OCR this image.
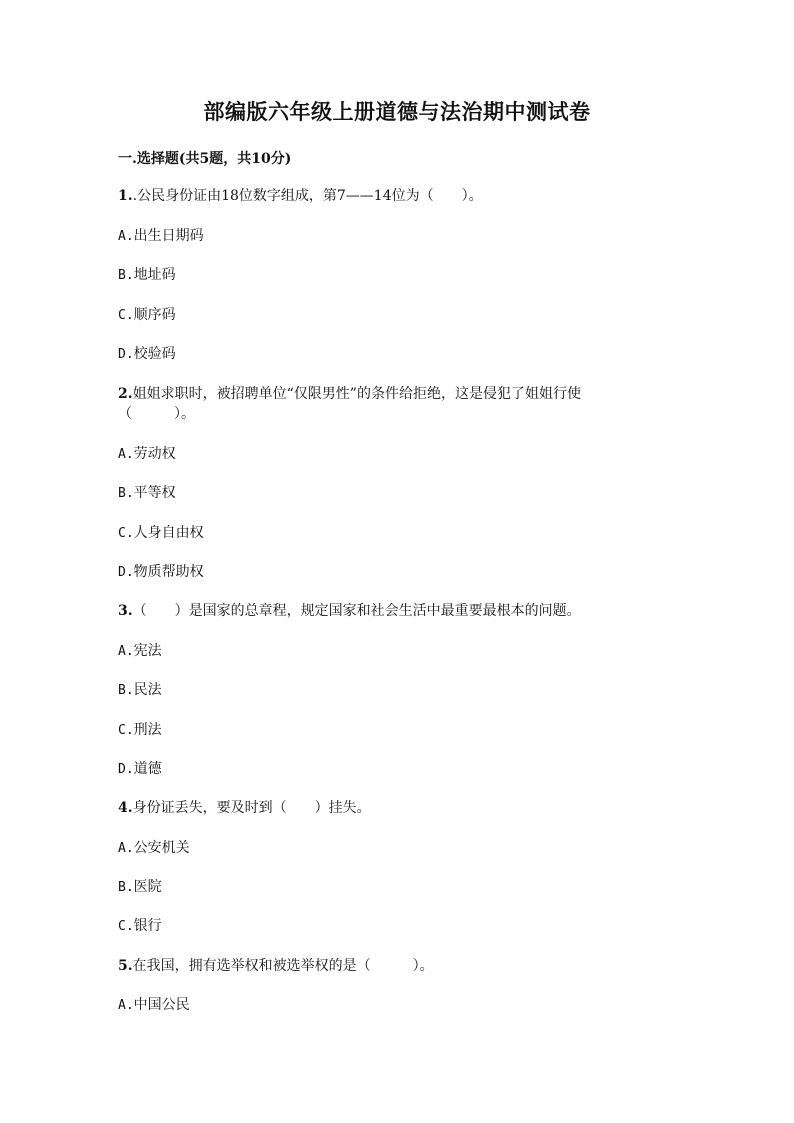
部编版六年级上册道德与法治期中测试卷
一.选择题(共5题，共10分)
1..公民身份证由18位数字组成，第7——14位为（　　）。
A.出生日期码
B.地址码
C.顺序码
D.校验码
2.姐姐求职时，被招聘单位“仅限男性”的条件给拒绝，这是侵犯了姐姐行使
（　　　）。
A.劳动权
B.平等权
C.人身自由权
D.物质帮助权
3.（　　）是国家的总章程，规定国家和社会生活中最重要最根本的问题。
A.宪法
B.民法
C.刑法
D.道德
4.身份证丢失，要及时到（　　）挂失。
A.公安机关
B.医院
C.银行
5.在我国，拥有选举权和被选举权的是（　　　）。
A.中国公民
